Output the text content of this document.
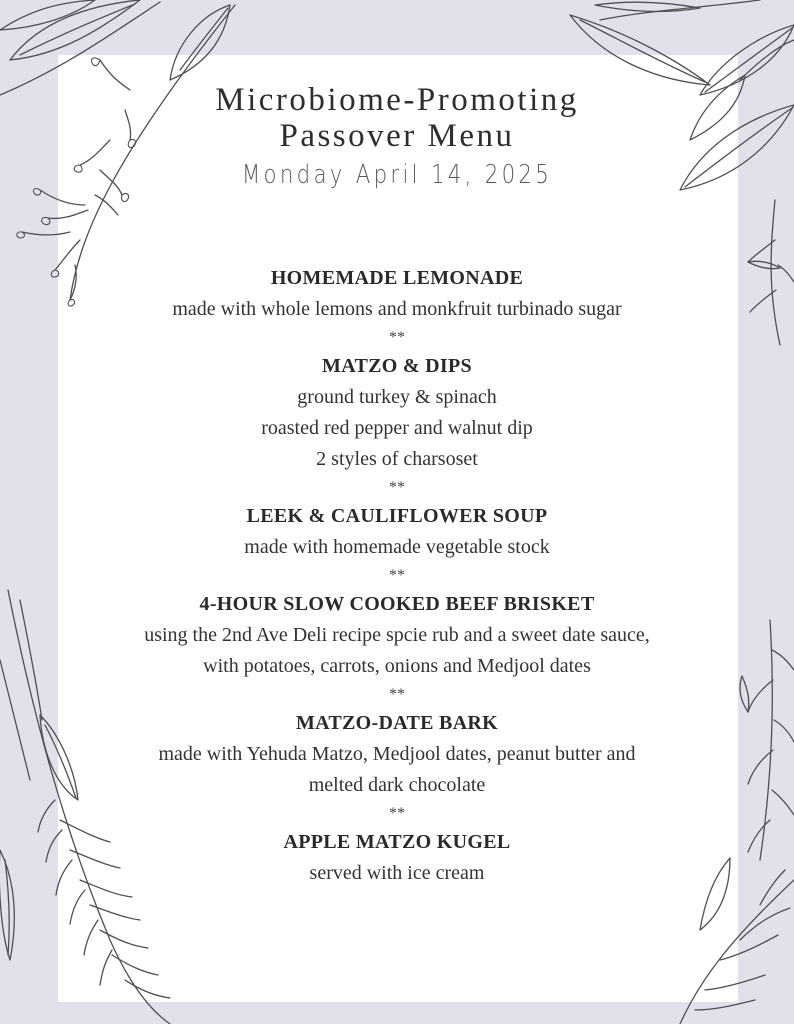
Microbiome-Promoting
Passover Menu
Monday April 14, 2025
HOMEMADE LEMONADE
made with whole lemons and monkfruit turbinado sugar
**
MATZO & DIPS
ground turkey & spinach
roasted red pepper and walnut dip
2 styles of charsoset
**
LEEK & CAULIFLOWER SOUP
made with homemade vegetable stock
**
4-HOUR SLOW COOKED BEEF BRISKET
using the 2nd Ave Deli recipe spcie rub and a sweet date sauce,
with potatoes, carrots, onions and Medjool dates
**
MATZO-DATE BARK
made with Yehuda Matzo, Medjool dates, peanut butter and
melted dark chocolate
**
APPLE MATZO KUGEL
served with ice cream
